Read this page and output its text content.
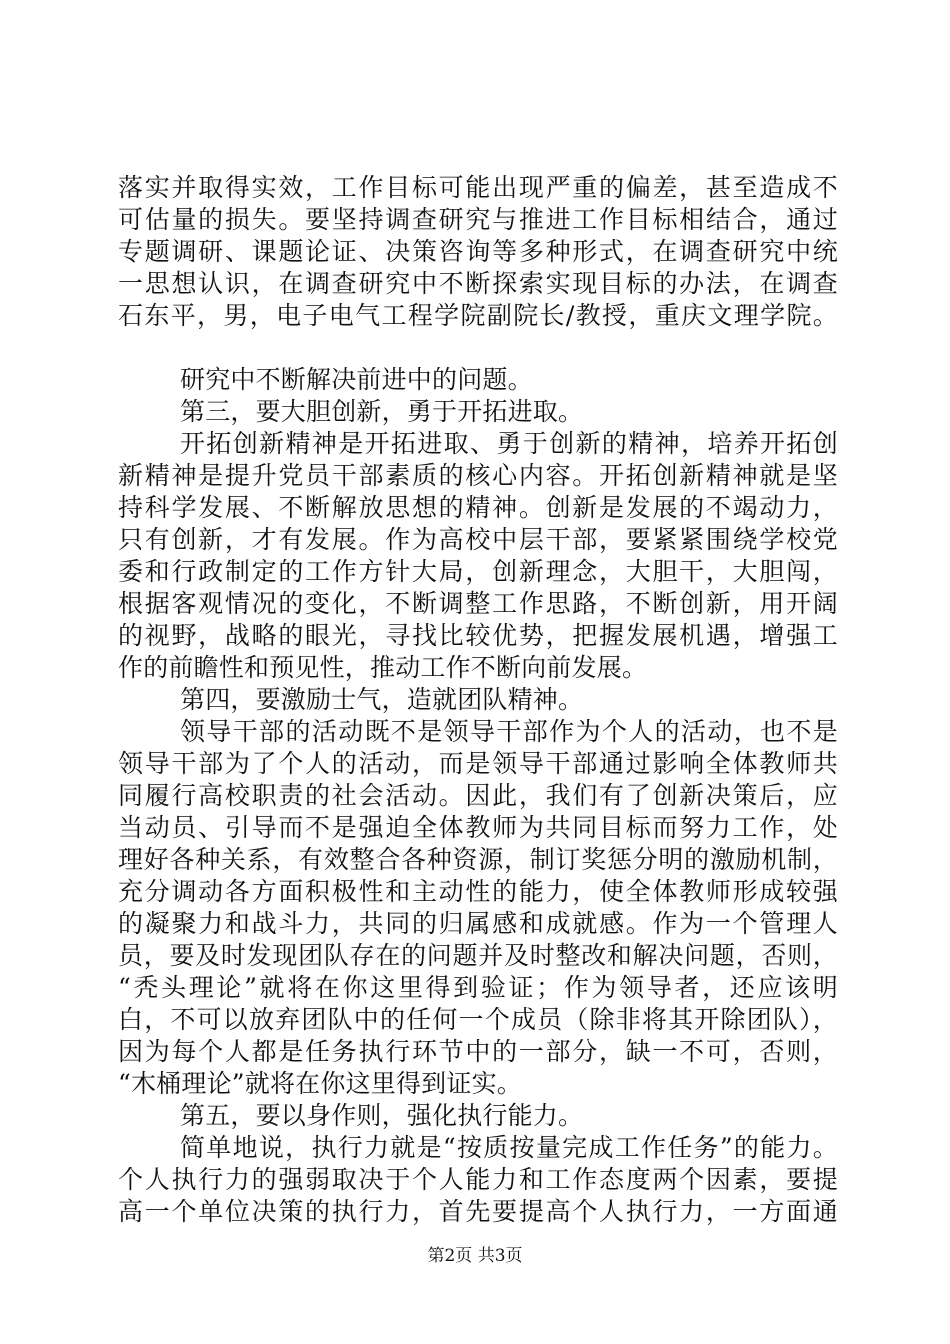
落实并取得实效，工作目标可能出现严重的偏差，甚至造成不
可估量的损失。要坚持调查研究与推进工作目标相结合，通过
专题调研、课题论证、决策咨询等多种形式，在调查研究中统
一思想认识，在调查研究中不断探索实现目标的办法，在调查
石东平，男，电子电气工程学院副院长/教授，重庆文理学院。
研究中不断解决前进中的问题。
第三，要大胆创新，勇于开拓进取。
开拓创新精神是开拓进取、勇于创新的精神，培养开拓创
新精神是提升党员干部素质的核心内容。开拓创新精神就是坚
持科学发展、不断解放思想的精神。创新是发展的不竭动力，
只有创新，才有发展。作为高校中层干部，要紧紧围绕学校党
委和行政制定的工作方针大局，创新理念，大胆干，大胆闯，
根据客观情况的变化，不断调整工作思路，不断创新，用开阔
的视野，战略的眼光，寻找比较优势，把握发展机遇，增强工
作的前瞻性和预见性，推动工作不断向前发展。
第四，要激励士气，造就团队精神。
领导干部的活动既不是领导干部作为个人的活动，也不是
领导干部为了个人的活动，而是领导干部通过影响全体教师共
同履行高校职责的社会活动。因此，我们有了创新决策后，应
当动员、引导而不是强迫全体教师为共同目标而努力工作，处
理好各种关系，有效整合各种资源，制订奖惩分明的激励机制，
充分调动各方面积极性和主动性的能力，使全体教师形成较强
的凝聚力和战斗力，共同的归属感和成就感。作为一个管理人
员，要及时发现团队存在的问题并及时整改和解决问题，否则，
“秃头理论”就将在你这里得到验证；作为领导者，还应该明
白，不可以放弃团队中的任何一个成员（除非将其开除团队），
因为每个人都是任务执行环节中的一部分，缺一不可，否则，
“木桶理论”就将在你这里得到证实。
第五，要以身作则，强化执行能力。
简单地说，执行力就是“按质按量完成工作任务”的能力。
个人执行力的强弱取决于个人能力和工作态度两个因素，要提
高一个单位决策的执行力，首先要提高个人执行力，一方面通
第2页 共3页
